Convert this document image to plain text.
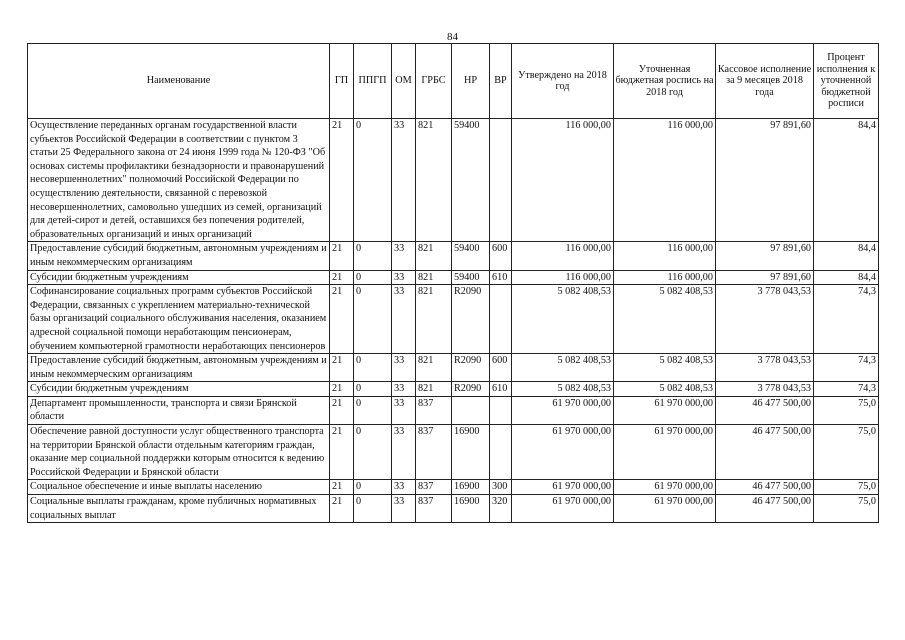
84
Наименование	ГП	ППГП	ОМ	ГРБС	НР	ВР	Утверждено на 2018 год	Уточненная бюджетная роспись на 2018 год	Кассовое исполнение за 9 месяцев 2018 года	Процент исполнения к уточненной бюджетной росписи
Осуществление переданных органам государственной власти субъектов Российской Федерации в соответствии с пунктом 3 статьи 25 Федерального закона от 24 июня 1999 года № 120-ФЗ "Об основах системы профилактики безнадзорности и правонарушений несовершеннолетних" полномочий Российской Федерации по осуществлению деятельности, связанной с перевозкой несовершеннолетних, самовольно ушедших из семей, организаций для детей-сирот и детей, оставшихся без попечения родителей, образовательных организаций и иных организаций	21	0	33	821	59400		116 000,00	116 000,00	97 891,60	84,4
Предоставление субсидий бюджетным, автономным учреждениям и иным некоммерческим организациям	21	0	33	821	59400	600	116 000,00	116 000,00	97 891,60	84,4
Субсидии бюджетным учреждениям	21	0	33	821	59400	610	116 000,00	116 000,00	97 891,60	84,4
Софинансирование социальных программ субъектов Российской Федерации, связанных с укреплением материально-технической базы организаций социального обслуживания населения, оказанием адресной социальной помощи неработающим пенсионерам, обучением компьютерной грамотности неработающих пенсионеров	21	0	33	821	R2090		5 082 408,53	5 082 408,53	3 778 043,53	74,3
Предоставление субсидий бюджетным, автономным учреждениям и иным некоммерческим организациям	21	0	33	821	R2090	600	5 082 408,53	5 082 408,53	3 778 043,53	74,3
Субсидии бюджетным учреждениям	21	0	33	821	R2090	610	5 082 408,53	5 082 408,53	3 778 043,53	74,3
Департамент промышленности, транспорта и связи Брянской области	21	0	33	837			61 970 000,00	61 970 000,00	46 477 500,00	75,0
Обеспечение равной доступности услуг общественного транспорта на территории Брянской области отдельным категориям граждан, оказание мер социальной поддержки которым относится к ведению Российской Федерации и Брянской области	21	0	33	837	16900		61 970 000,00	61 970 000,00	46 477 500,00	75,0
Социальное обеспечение и иные выплаты населению	21	0	33	837	16900	300	61 970 000,00	61 970 000,00	46 477 500,00	75,0
Социальные выплаты гражданам, кроме публичных нормативных социальных выплат	21	0	33	837	16900	320	61 970 000,00	61 970 000,00	46 477 500,00	75,0
